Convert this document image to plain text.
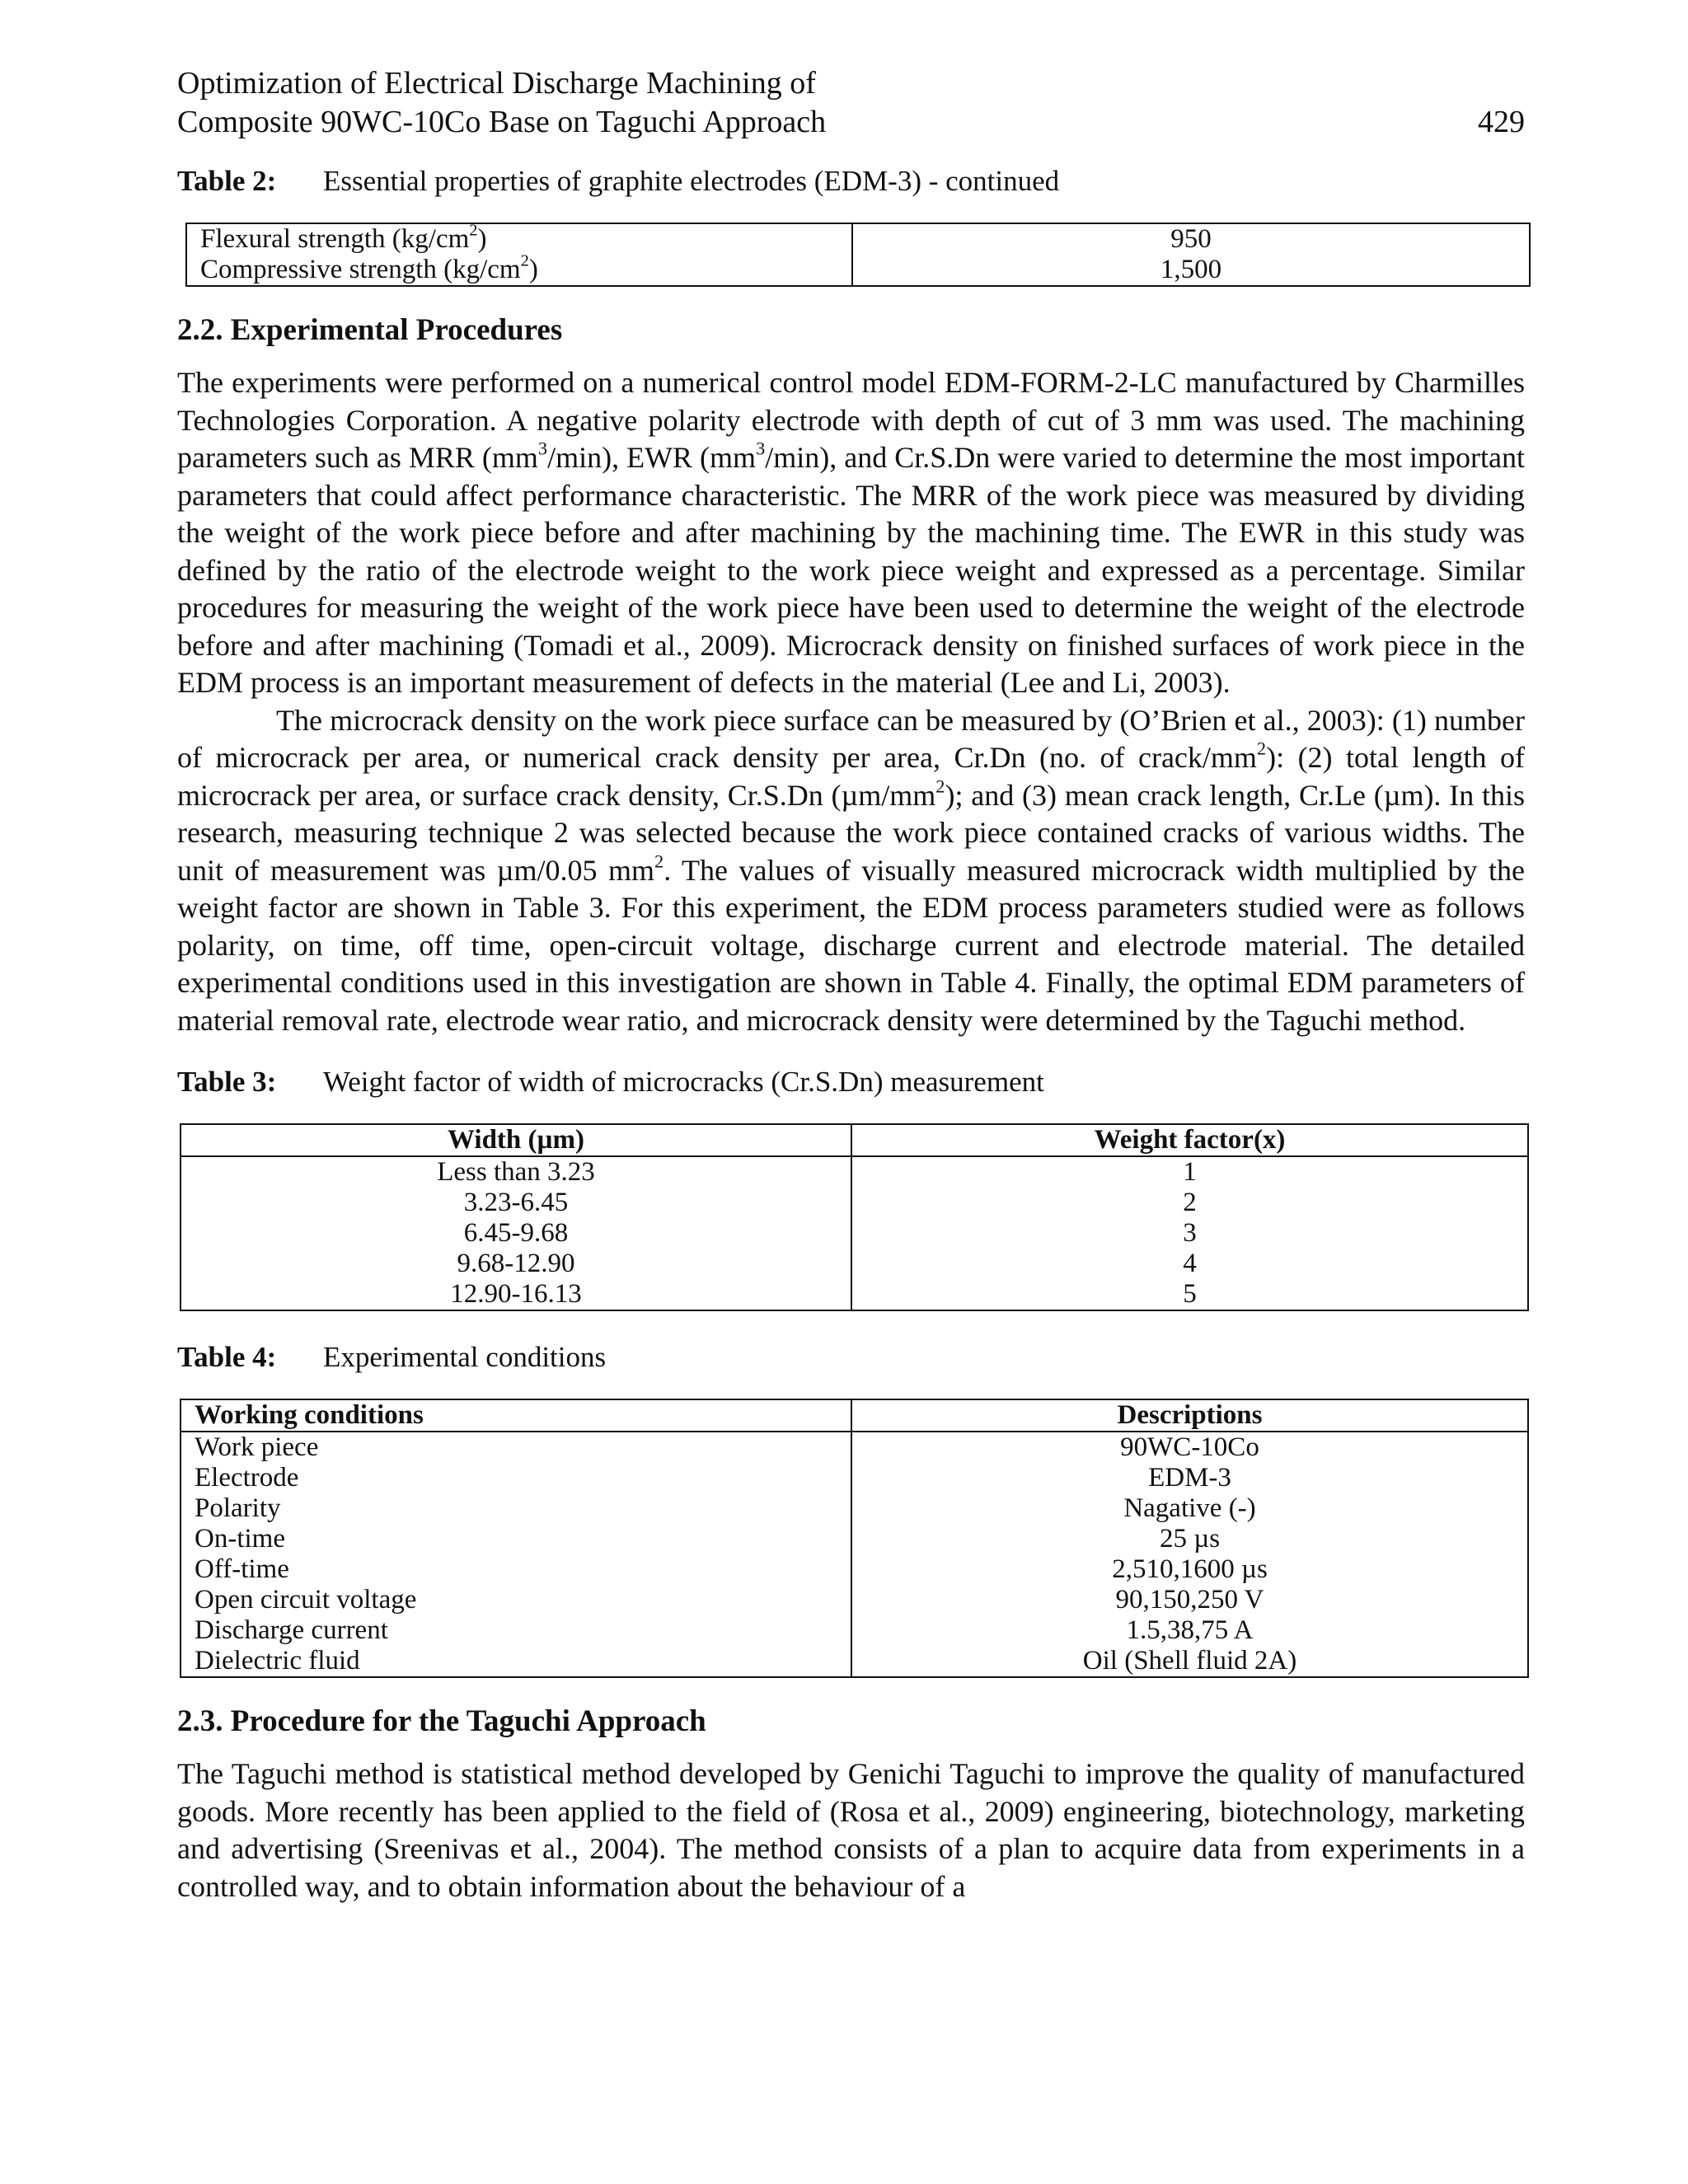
Optimization of Electrical Discharge Machining of
Composite 90WC-10Co Base on Taguchi Approach	429
Table 2:	Essential properties of graphite electrodes (EDM-3) - continued
Flexural strength $(kg/cm^2)$	950
Compressive strength $(kg/cm^2)$	1,500
2.2. Experimental Procedures

The experiments were performed on a numerical control model EDM-FORM-2-LC manufactured by Charmilles Technologies Corporation. A negative polarity electrode with depth of cut of 3 mm was used. The machining parameters such as MRR $(mm^3/\min)$, EWR $(mm^3/\min)$, and Cr.S.Dn were varied to determine the most important parameters that could affect performance characteristic. The MRR of the work piece was measured by dividing the weight of the work piece before and after machining by the machining time. The EWR in this study was defined by the ratio of the electrode weight to the work piece weight and expressed as a percentage. Similar procedures for measuring the weight of the work piece have been used to determine the weight of the electrode before and after machining (Tomadi et al., 2009). Microcrack density on finished surfaces of work piece in the EDM process is an important measurement of defects in the material (Lee and Li, 2003).

The microcrack density on the work piece surface can be measured by (O’Brien et al., 2003): (1) number of microcrack per area, or numerical crack density per area, Cr.Dn (no. of crack/$mm^2$): (2) total length of microcrack per area, or surface crack density, Cr.S.Dn $(\mu m/mm^2)$; and (3) mean crack length, Cr.Le (µm). In this research, measuring technique 2 was selected because the work piece contained cracks of various widths. The unit of measurement was µm/0.05 $mm^2$. The values of visually measured microcrack width multiplied by the weight factor are shown in Table 3. For this experiment, the EDM process parameters studied were as follows polarity, on time, off time, open-circuit voltage, discharge current and electrode material. The detailed experimental conditions used in this investigation are shown in Table 4. Finally, the optimal EDM parameters of material removal rate, electrode wear ratio, and microcrack density were determined by the Taguchi method.

Table 3:	Weight factor of width of microcracks (Cr.S.Dn) measurement
Width (µm)	Weight factor(x)
Less than 3.23	1
3.23-6.45	2
6.45-9.68	3
9.68-12.90	4
12.90-16.13	5
Table 4:	Experimental conditions
Working conditions	Descriptions
Work piece	90WC-10Co
Electrode	EDM-3
Polarity	Nagative (-)
On-time	25 µs
Off-time	2,510,1600 µs
Open circuit voltage	90,150,250 V
Discharge current	1.5,38,75 A
Dielectric fluid	Oil (Shell fluid 2A)
2.3. Procedure for the Taguchi Approach

The Taguchi method is statistical method developed by Genichi Taguchi to improve the quality of manufactured goods. More recently has been applied to the field of (Rosa et al., 2009) engineering, biotechnology, marketing and advertising (Sreenivas et al., 2004). The method consists of a plan to acquire data from experiments in a controlled way, and to obtain information about the behaviour of a
